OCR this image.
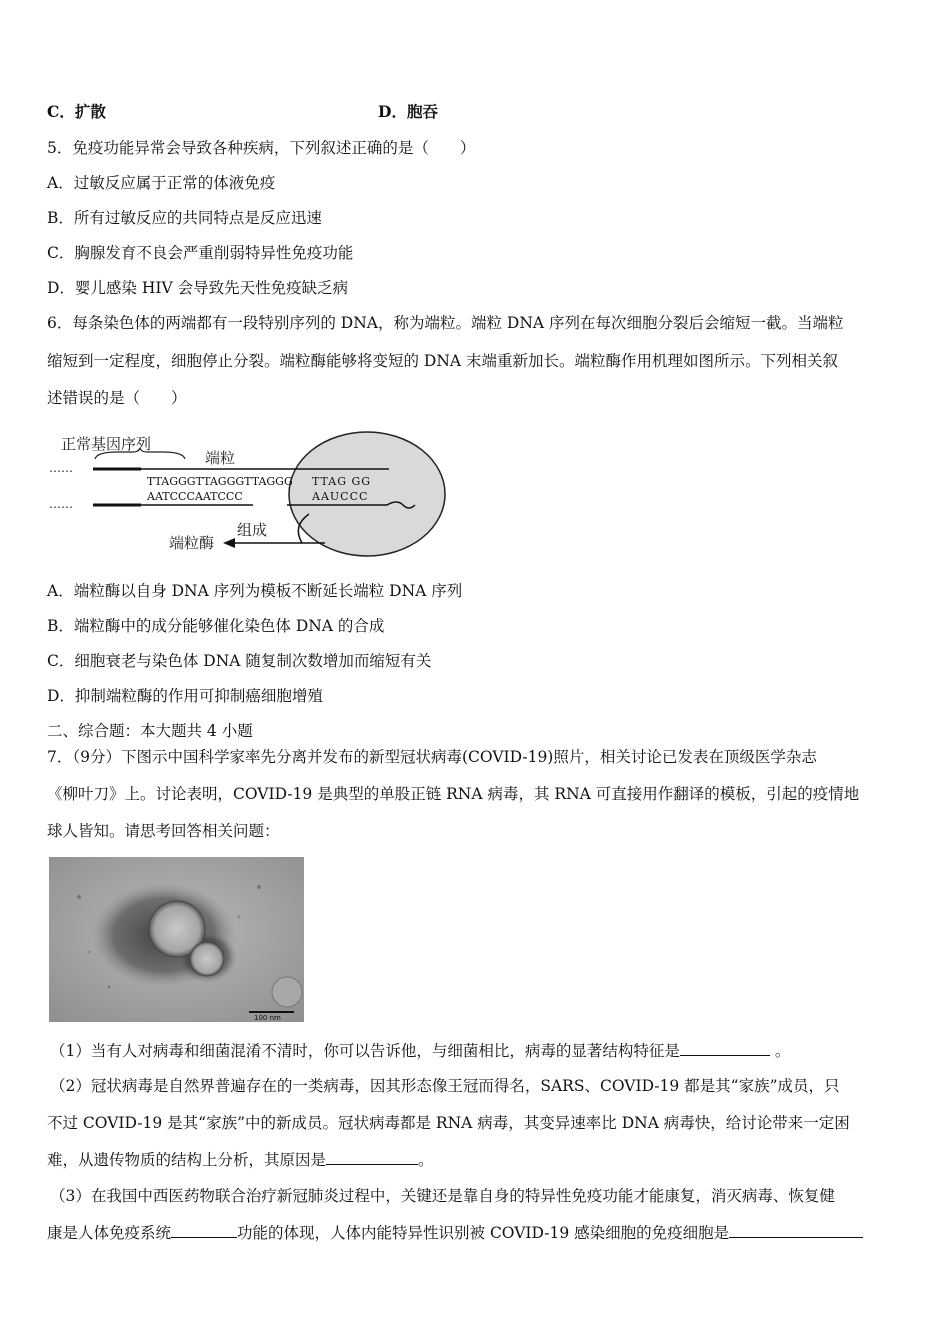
C．扩散	D．胞吞
5．免疫功能异常会导致各种疾病，下列叙述正确的是（　　）
A．过敏反应属于正常的体液免疫
B．所有过敏反应的共同特点是反应迅速
C．胸腺发育不良会严重削弱特异性免疫功能
D．婴儿感染 HIV 会导致先天性免疫缺乏病
6．每条染色体的两端都有一段特别序列的 DNA，称为端粒。端粒 DNA 序列在每次细胞分裂后会缩短一截。当端粒
缩短到一定程度，细胞停止分裂。端粒酶能够将变短的 DNA 末端重新加长。端粒酶作用机理如图所示。下列相关叙
述错误的是（　　）
正常基因序列
端粒
……
TTAGGGTTAGGGTTAGGG
AATCCCAATCCC
TTAG GG
AAUCCC
……
组成
端粒酶
A．端粒酶以自身 DNA 序列为模板不断延长端粒 DNA 序列
B．端粒酶中的成分能够催化染色体 DNA 的合成
C．细胞衰老与染色体 DNA 随复制次数增加而缩短有关
D．抑制端粒酶的作用可抑制癌细胞增殖
二、综合题：本大题共 4 小题
7．（9分）下图示中国科学家率先分离并发布的新型冠状病毒(COVID-19)照片，相关讨论已发表在顶级医学杂志
《柳叶刀》上。讨论表明，COVID-19 是典型的单股正链 RNA 病毒，其 RNA 可直接用作翻译的模板，引起的疫情地
球人皆知。请思考回答相关问题：
100 nm
（1）当有人对病毒和细菌混淆不清时，你可以告诉他，与细菌相比，病毒的显著结构特征是	。
（2）冠状病毒是自然界普遍存在的一类病毒，因其形态像王冠而得名，SARS、COVID-19 都是其“家族”成员，只
不过 COVID-19 是其“家族”中的新成员。冠状病毒都是 RNA 病毒，其变异速率比 DNA 病毒快，给讨论带来一定困
难，从遗传物质的结构上分析，其原因是	。
（3）在我国中西医药物联合治疗新冠肺炎过程中，关键还是靠自身的特异性免疫功能才能康复，消灭病毒、恢复健
康是人体免疫系统	功能的体现，人体内能特异性识别被 COVID-19 感染细胞的免疫细胞是
